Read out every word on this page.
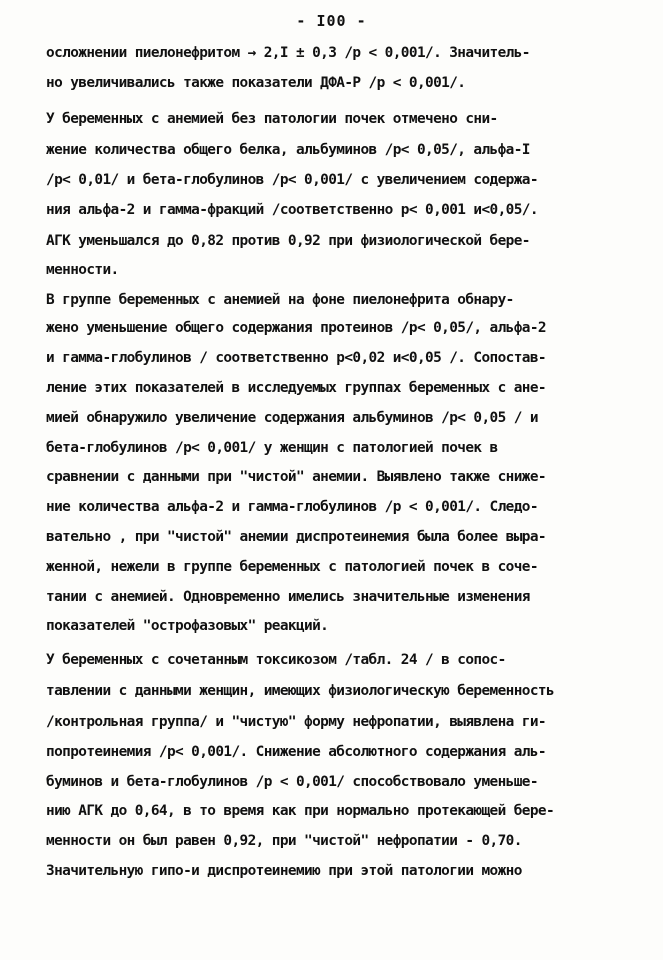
- I00 -
осложнении пиелонефритом → 2,I ± 0,3 /p < 0,001/. Значитель-
но увеличивались также показатели ДФА-Р /p < 0,001/.
У беременных с анемией без патологии почек отмечено сни-
жение количества общего белка, альбуминов /p< 0,05/, альфа-I
/p< 0,01/ и бета-глобулинов /p< 0,001/ с увеличением содержа-
ния альфа-2 и гамма-фракций /соответственно p< 0,001 и<0,05/.
АГК уменьшался до 0,82 против 0,92 при физиологической бере-
менности.
В группе беременных с анемией на фоне пиелонефрита обнару-
жено уменьшение общего содержания протеинов /p< 0,05/, альфа-2
и гамма-глобулинов / соответственно p<0,02 и<0,05 /. Сопостав-
ление этих показателей в исследуемых группах беременных с ане-
мией обнаружило увеличение содержания альбуминов /p< 0,05 / и
бета-глобулинов /p< 0,001/ у женщин с патологией почек в
сравнении с данными при "чистой" анемии. Выявлено также сниже-
ние количества альфа-2 и гамма-глобулинов /p < 0,001/. Следо-
вательно , при "чистой" анемии диспротеинемия была более выра-
женной, нежели в группе беременных с патологией почек в соче-
тании с анемией. Одновременно имелись значительные изменения
показателей "острофазовых" реакций.
У беременных с сочетанным токсикозом /табл. 24 / в сопос-
тавлении с данными женщин, имеющих физиологическую беременность
/контрольная группа/ и "чистую" форму нефропатии, выявлена ги-
попротеинемия /p< 0,001/. Снижение абсолютного содержания аль-
буминов и бета-глобулинов /p < 0,001/ способствовало уменьше-
нию АГК до 0,64, в то время как при нормально протекающей бере-
менности он был равен 0,92, при "чистой" нефропатии - 0,70.
Значительную гипо-и диспротеинемию при этой патологии можно
